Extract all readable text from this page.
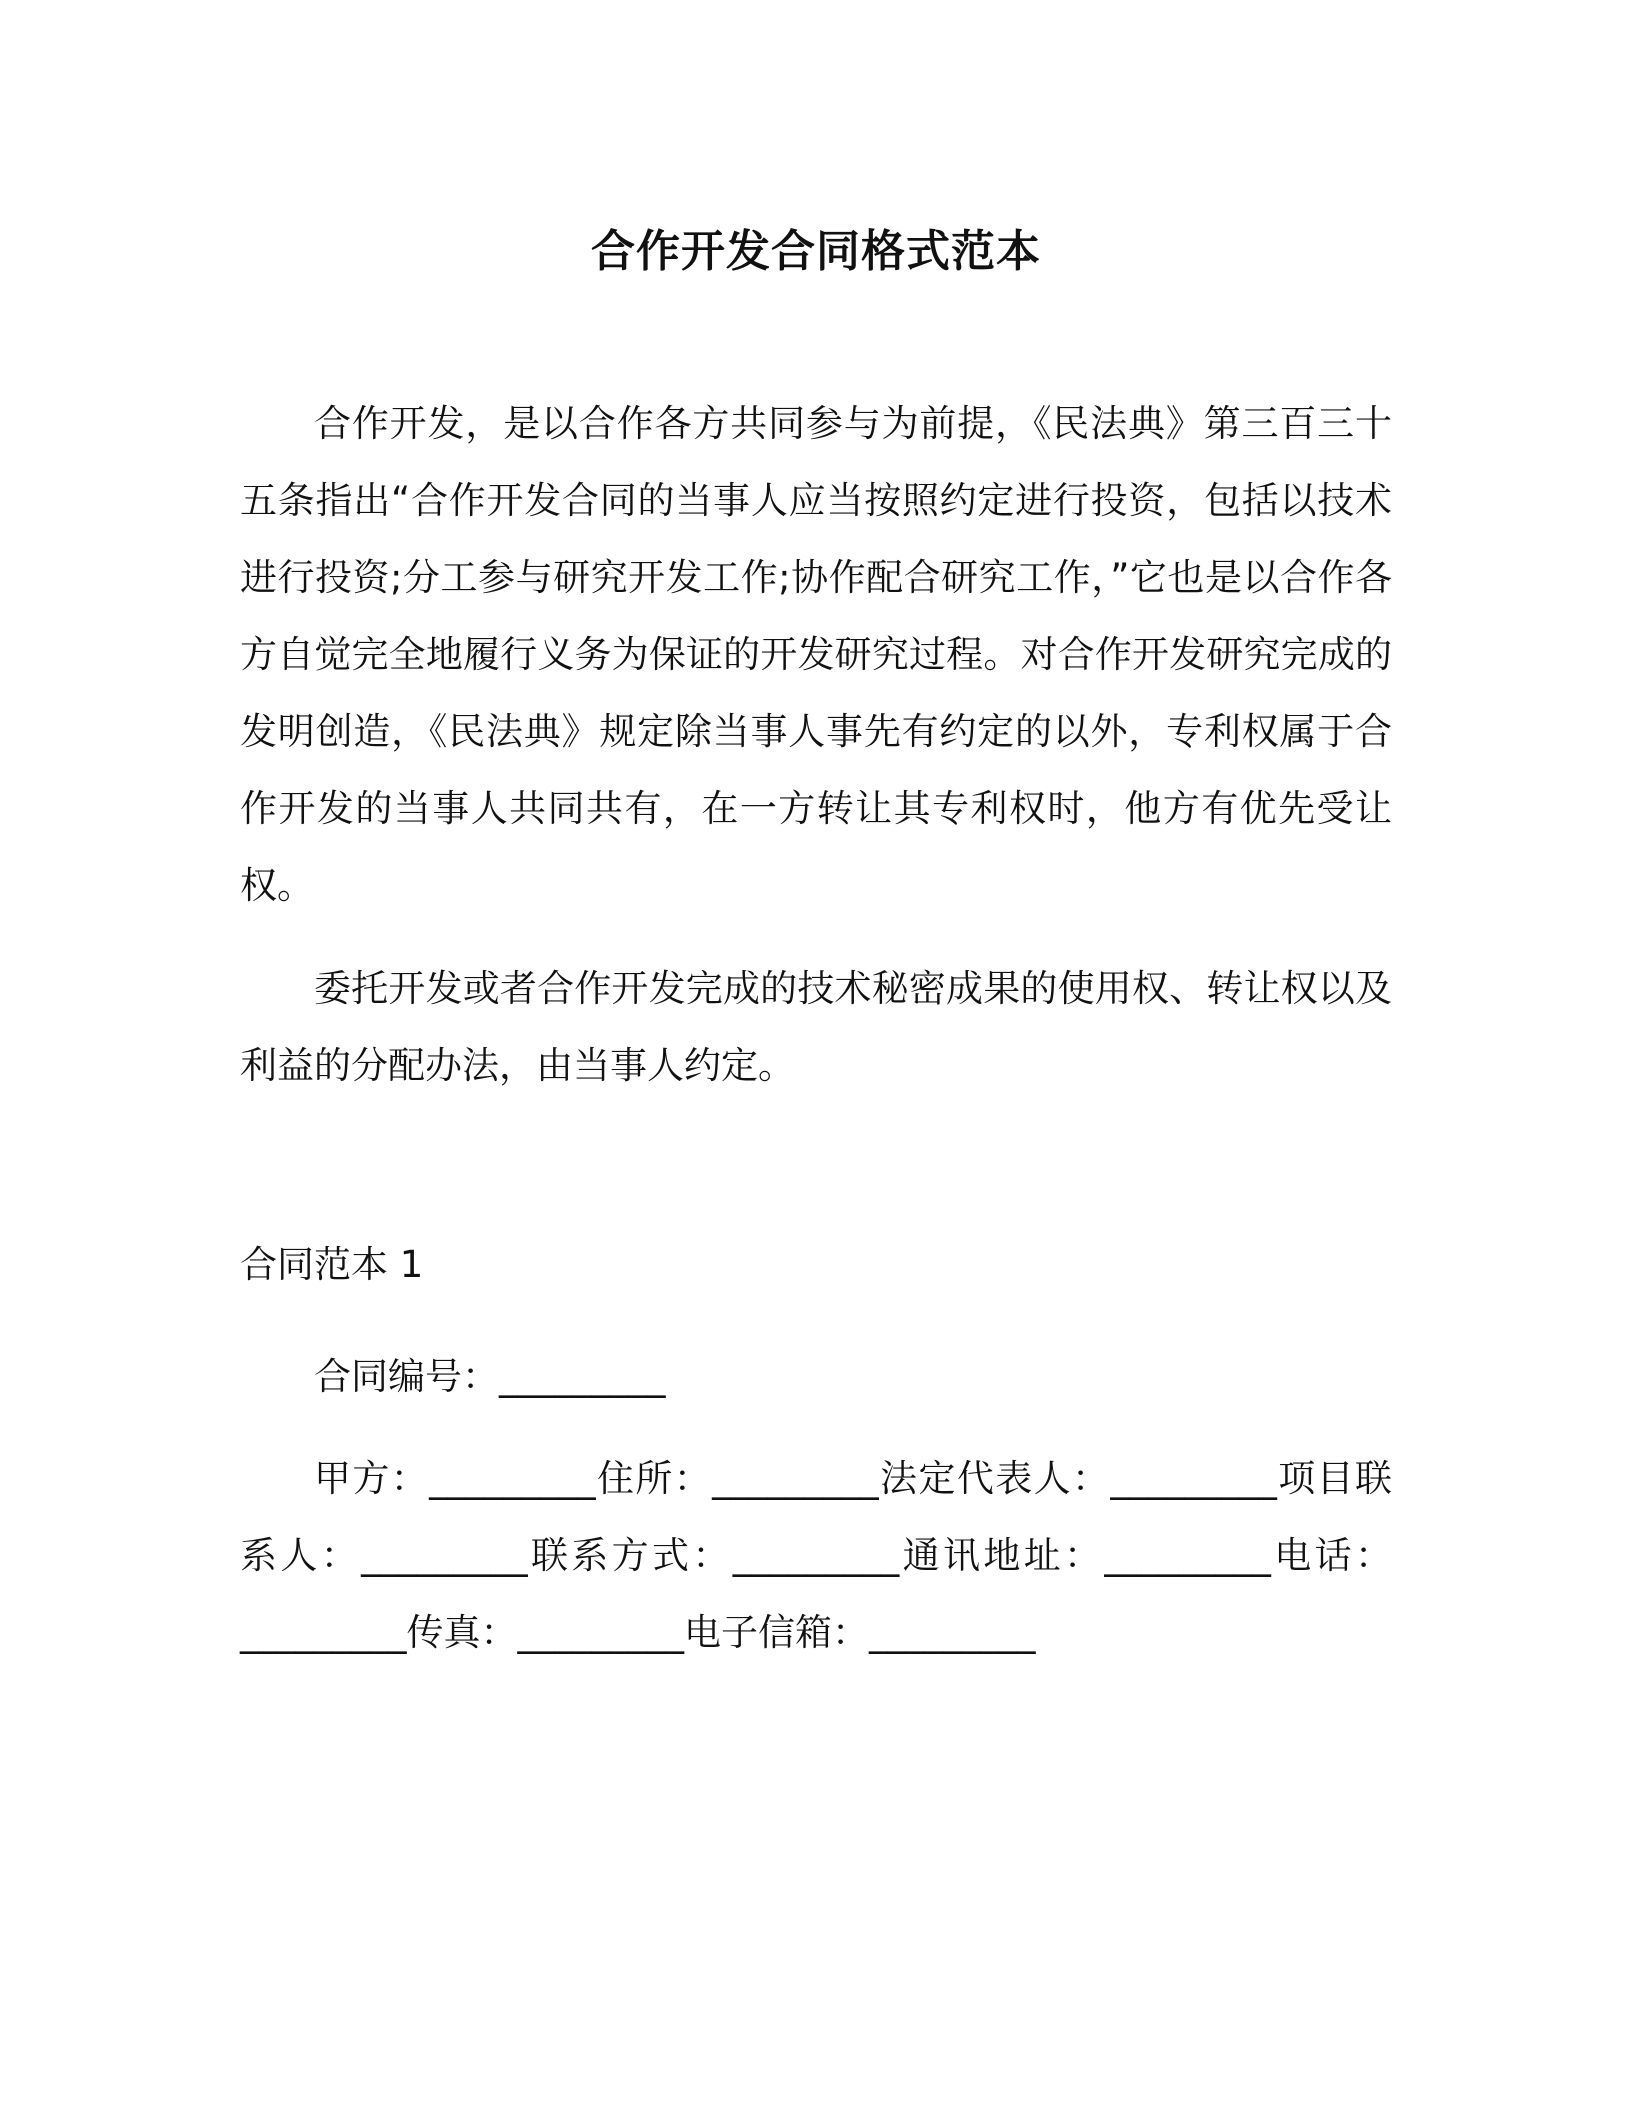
合作开发合同格式范本

合作开发，是以合作各方共同参与为前提，《民法典》第三百三十五条指出“合作开发合同的当事人应当按照约定进行投资，包括以技术进行投资;分工参与研究开发工作;协作配合研究工作，”它也是以合作各方自觉完全地履行义务为保证的开发研究过程。对合作开发研究完成的发明创造，《民法典》规定除当事人事先有约定的以外，专利权属于合作开发的当事人共同共有，在一方转让其专利权时，他方有优先受让权。

委托开发或者合作开发完成的技术秘密成果的使用权、转让权以及利益的分配办法，由当事人约定。

合同范本 1

合同编号：_________

甲方：_________住所：_________法定代表人：_________项目联系人：_________联系方式：_________通讯地址：_________电话：_________传真：_________电子信箱：_________
